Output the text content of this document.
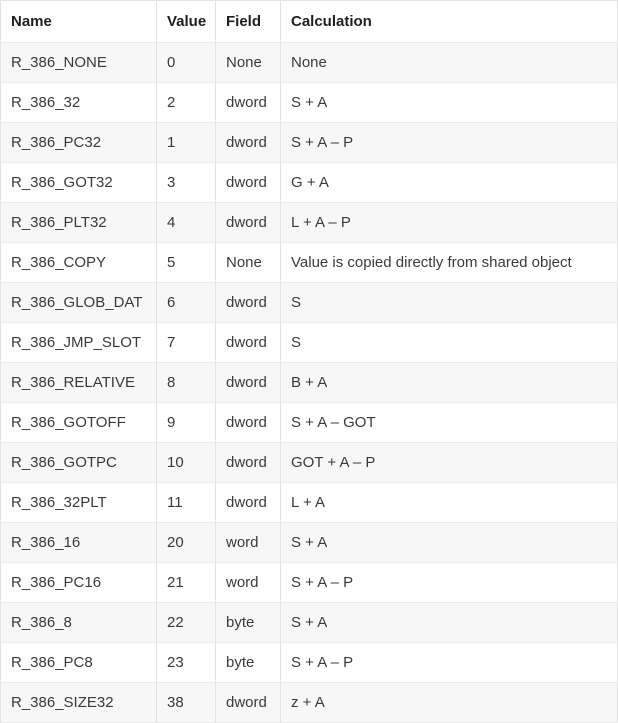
Name	Value	Field	Calculation
R_386_NONE	0	None	None
R_386_32	2	dword	S + A
R_386_PC32	1	dword	S + A – P
R_386_GOT32	3	dword	G + A
R_386_PLT32	4	dword	L + A – P
R_386_COPY	5	None	Value is copied directly from shared object
R_386_GLOB_DAT	6	dword	S
R_386_JMP_SLOT	7	dword	S
R_386_RELATIVE	8	dword	B + A
R_386_GOTOFF	9	dword	S + A – GOT
R_386_GOTPC	10	dword	GOT + A – P
R_386_32PLT	11	dword	L + A
R_386_16	20	word	S + A
R_386_PC16	21	word	S + A – P
R_386_8	22	byte	S + A
R_386_PC8	23	byte	S + A – P
R_386_SIZE32	38	dword	z + A
